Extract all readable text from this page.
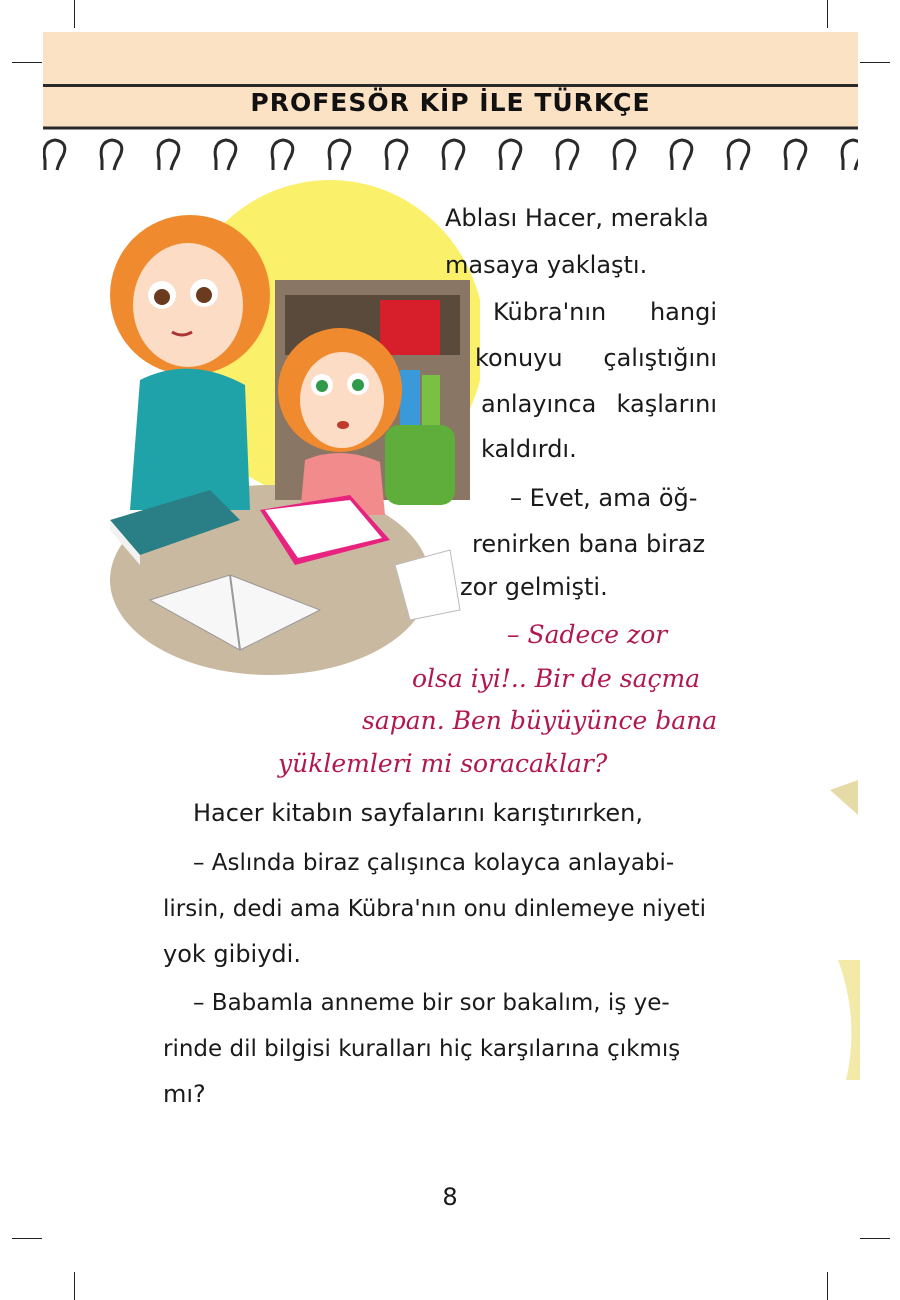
PROFESÖR KİP İLE TÜRKÇE
Ablası Hacer, merakla
masaya yaklaştı.
Kübra'nın hangi
konuyu çalıştığını
anlayınca kaşlarını
kaldırdı.
– Evet, ama öğ-
renirken bana biraz
zor gelmişti.
– Sadece zor
olsa iyi!.. Bir de saçma
sapan. Ben büyüyünce bana
yüklemleri mi soracaklar?
Hacer kitabın sayfalarını karıştırırken,
– Aslında biraz çalışınca kolayca anlayabi-
lirsin, dedi ama Kübra'nın onu dinlemeye niyeti
yok gibiydi.
– Babamla anneme bir sor bakalım, iş ye-
rinde dil bilgisi kuralları hiç karşılarına çıkmış
mı?
8
